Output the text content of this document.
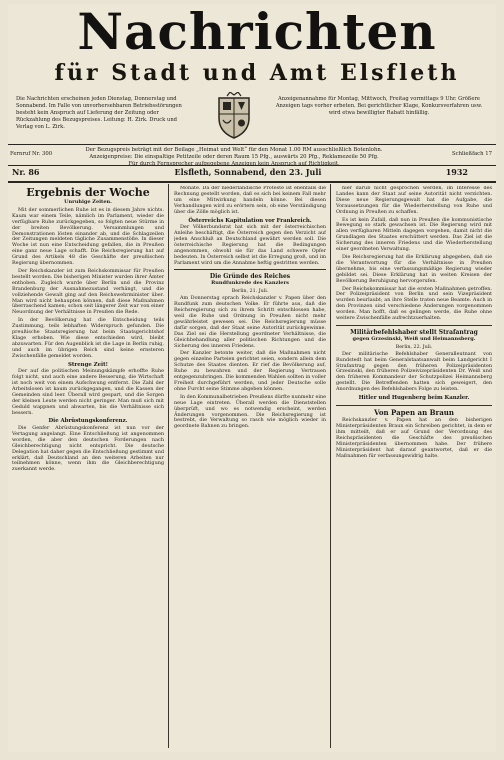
Nachrichten
für Stadt und Amt Elsfleth
Die Nachrichten erscheinen jeden Dienstag, Donnerstag und Sonnabend. Im Falle von unvorhersehbaren Betriebsstörungen besteht kein Anspruch auf Lieferung der Zeitung oder Rückzahlung des Bezugspreises. Leitung: H. Zirk. Druck und Verlag von L. Zirk.
Anzeigenannahme für Montag, Mittwoch, Freitag vormittags 9 Uhr. Größere Anzeigen tags vorher erbeten. Bei gerichtlicher Klage, Konkursverfahren usw. wird etwa bewilligter Rabatt hinfällig.
Fernruf Nr. 300
Der Bezugspreis beträgt mit der Beilage „Heimat und Welt“ für den Monat 1.00 RM ausschließlich Botenlohn. Anzeigenpreise: Die einspaltige Petitzeile oder deren Raum 15 Pfg., auswärts 20 Pfg., Reklamezeile 50 Pfg. Für durch Fernsprecher aufgegebene Anzeigen kein Anspruch auf Richtigkeit.
Schließfach 17
Nr. 86	Elsfleth, Sonnabend, den 23. Juli	1932
Ergebnis der Woche
Unruhige Zeiten.

Mit der sommerlichen Ruhe ist es in diesem Jahre nichts. Kaum war einem Teile, nämlich im Parlament, wieder die verfügbare Ruhe zurückgegeben, so folgten neue Stürme in der breiten Bevölkerung. Versammlungen und Demonstrationen lösten einander ab, und die Schlagzeilen der Zeitungen meldeten tägliche Zusammenstöße. In dieser Woche ist nun eine Entscheidung gefallen, die in Preußen eine ganz neue Lage schafft. Die Reichsregierung hat auf Grund des Artikels 48 die Geschäfte der preußischen Regierung übernommen.

Der Reichskanzler ist zum Reichskommissar für Preußen bestellt worden. Die bisherigen Minister wurden ihrer Ämter enthoben. Zugleich wurde über Berlin und die Provinz Brandenburg der Ausnahmezustand verhängt, und die vollziehende Gewalt ging auf den Reichswehrminister über. Man wird nicht behaupten können, daß diese Maßnahmen überraschend kamen; schon seit längerer Zeit war von einer Neuordnung der Verhältnisse in Preußen die Rede.

In der Bevölkerung hat die Entscheidung teils Zustimmung, teils lebhaften Widerspruch gefunden. Die preußische Staatsregierung hat beim Staatsgerichtshof Klage erhoben. Wie diese entschieden wird, bleibt abzuwarten. Für den Augenblick ist die Lage in Berlin ruhig, und auch im übrigen Reich sind keine ernsteren Zwischenfälle gemeldet worden.

Strenge Zeit!

Der auf die politischen Meinungskämpfe erhoffte Ruhe folgt nicht, und auch eine andere Besserung, die Wirtschaft ist noch weit von einem Aufschwung entfernt. Die Zahl der Arbeitslosen ist kaum zurückgegangen, und die Kassen der Gemeinden sind leer. Überall wird gespart, und die Sorgen der kleinen Leute werden nicht geringer. Man muß sich mit Geduld wappnen und abwarten, bis die Verhältnisse sich bessern.

Die Abrüstungskonferenz.

Die Genfer Abrüstungskonferenz ist nun vor der Vertagung angelangt. Eine Entschließung ist angenommen worden, die aber den deutschen Forderungen nach Gleichberechtigung nicht entspricht. Die deutsche Delegation hat daher gegen die Entschließung gestimmt und erklärt, daß Deutschland an den weiteren Arbeiten nur teilnehmen könne, wenn ihm die Gleichberechtigung zuerkannt werde.

Monate. Da der niederländische Proteste ist ebenfalls die Rechnung gestellt worden, daß es sich bei keinem Fall mehr um eine Mitwirkung handeln könne. Bei diesen Verhandlungen wird zu erörtern sein, ob eine Verständigung über die Zölle möglich ist.

Österreichs Kapitulation vor Frankreich.

Der Völkerbundsrat hat sich mit der österreichischen Anleihe beschäftigt, die Österreich gegen den Verzicht auf jeden Anschluß an Deutschland gewährt werden soll. Die österreichische Regierung hat die Bedingungen angenommen, obwohl sie für das Land schwere Opfer bedeuten. In Österreich selbst ist die Erregung groß, und im Parlament wird um die Annahme heftig gestritten werden.

Die Gründe des Reiches
Rundfunkrede des Kanzlers
Berlin, 21. Juli.

Am Donnerstag sprach Reichskanzler v. Papen über den Rundfunk zum deutschen Volke. Er führte aus, daß die Reichsregierung sich zu ihrem Schritt entschlossen habe, weil die Ruhe und Ordnung in Preußen nicht mehr gewährleistet gewesen sei. Die Reichsregierung müsse dafür sorgen, daß der Staat seine Autorität zurückgewinne. Das Ziel sei die Herstellung geordneter Verhältnisse, die Gleichbehandlung aller politischen Richtungen und die Sicherung des inneren Friedens.

Der Kanzler betonte weiter, daß die Maßnahmen nicht gegen einzelne Parteien gerichtet seien, sondern allein dem Schutze des Staates dienten. Er rief die Bevölkerung auf, Ruhe zu bewahren und der Regierung Vertrauen entgegenzubringen. Die kommenden Wahlen sollten in voller Freiheit durchgeführt werden, und jeder Deutsche solle ohne Furcht seine Stimme abgeben können.

In den Kommunalbetrieben Preußens dürfte nunmehr eine neue Lage eintreten. Überall werden die Dienststellen überprüft, und wo es notwendig erscheint, werden Änderungen vorgenommen. Die Reichsregierung ist bestrebt, die Verwaltung so rasch wie möglich wieder in geordnete Bahnen zu bringen.

hier darüb nicht gesprochen werden, im Interesse des Landes kann der Staat auf seine Autorität nicht verzichten. Diese neue Regierungsgewalt hat die Aufgabe, die Voraussetzungen für die Wiederherstellung von Ruhe und Ordnung in Preußen zu schaffen.

Es ist kein Zufall, daß nun in Preußen die kommunistische Bewegung so stark gewachsen ist. Die Regierung wird mit allen verfügbaren Mitteln dagegen vorgehen, damit nicht die Grundlagen des Staates erschüttert werden. Das Ziel ist die Sicherung des inneren Friedens und die Wiederherstellung einer geordneten Verwaltung.

Die Reichsregierung hat die Erklärung abgegeben, daß sie die Verantwortung für die Verhältnisse in Preußen übernehme, bis eine verfassungsmäßige Regierung wieder gebildet sei. Diese Erklärung hat in weiten Kreisen der Bevölkerung Beruhigung hervorgerufen.

Der Reichskommissar hat die ersten Maßnahmen getroffen. Der Polizeipräsident von Berlin und sein Vizepräsident wurden beurlaubt; an ihre Stelle traten neue Beamte. Auch in den Provinzen sind verschiedene Änderungen vorgenommen worden. Man hofft, daß es gelingen werde, die Ruhe ohne weitere Zwischenfälle aufrechtzuerhalten.

Militärbefehlshaber stellt Strafantrag
gegen Grzesinski, Weiß und Heimannsberg.
Berlin, 22. Juli.

Der militärische Befehlshaber Generalleutnant von Rundstedt hat beim Generalstaatsanwalt beim Landgericht I Strafantrag gegen den früheren Polizeipräsidenten Grzesinski, den früheren Polizeivizepräsidenten Dr. Weiß und den früheren Kommandeur der Schutzpolizei Heimannsberg gestellt. Die Betreffenden hatten sich geweigert, den Anordnungen des Befehlshabers Folge zu leisten.

Hitler und Hugenberg beim Kanzler.
Von Papen an Braun

Reichskanzler v. Papen hat an den bisherigen Ministerpräsidenten Braun ein Schreiben gerichtet, in dem er ihm mitteilt, daß er auf Grund der Verordnung des Reichspräsidenten die Geschäfte des preußischen Ministerpräsidenten übernommen habe. Der frühere Ministerpräsident hat darauf geantwortet, daß er die Maßnahmen für verfassungswidrig halte.
